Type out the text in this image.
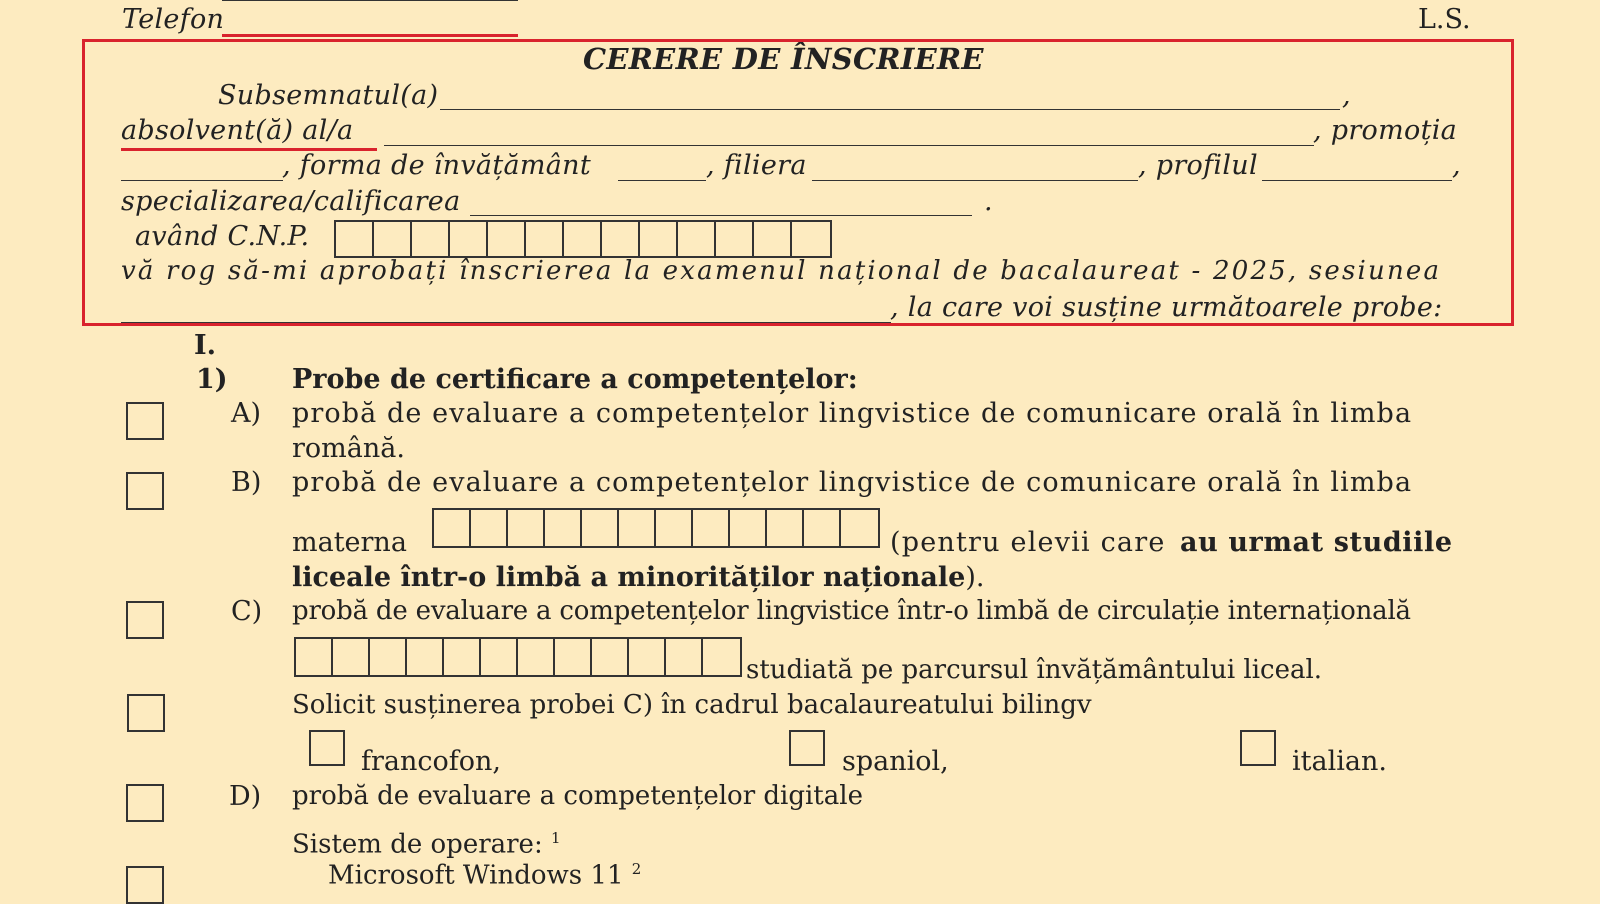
Telefon	L.S.
CERERE DE ÎNSCRIERE
Subsemnatul(a)	,
absolvent(ă) al/a	, promoția
, forma de învățământ	, filiera	, profilul	,
specializarea/calificarea	.
având C.N.P.
vă rog să-mi aprobați înscrierea la examenul național de bacalaureat - 2025, sesiunea
, la care voi susține următoarele probe:
I.
1) Probe de certificare a competențelor:
A) probă de evaluare a competențelor lingvistice de comunicare orală în limba
română.
B) probă de evaluare a competențelor lingvistice de comunicare orală în limba
materna	(pentru elevii care au urmat studiile
liceale într-o limbă a minorităților naționale).
C) probă de evaluare a competențelor lingvistice într-o limbă de circulație internațională
studiată pe parcursul învățământului liceal.
Solicit susținerea probei C) în cadrul bacalaureatului bilingv
francofon,	spaniol,	italian.
D) probă de evaluare a competențelor digitale
Sistem de operare: $^1$
Microsoft Windows 11 $^2$
